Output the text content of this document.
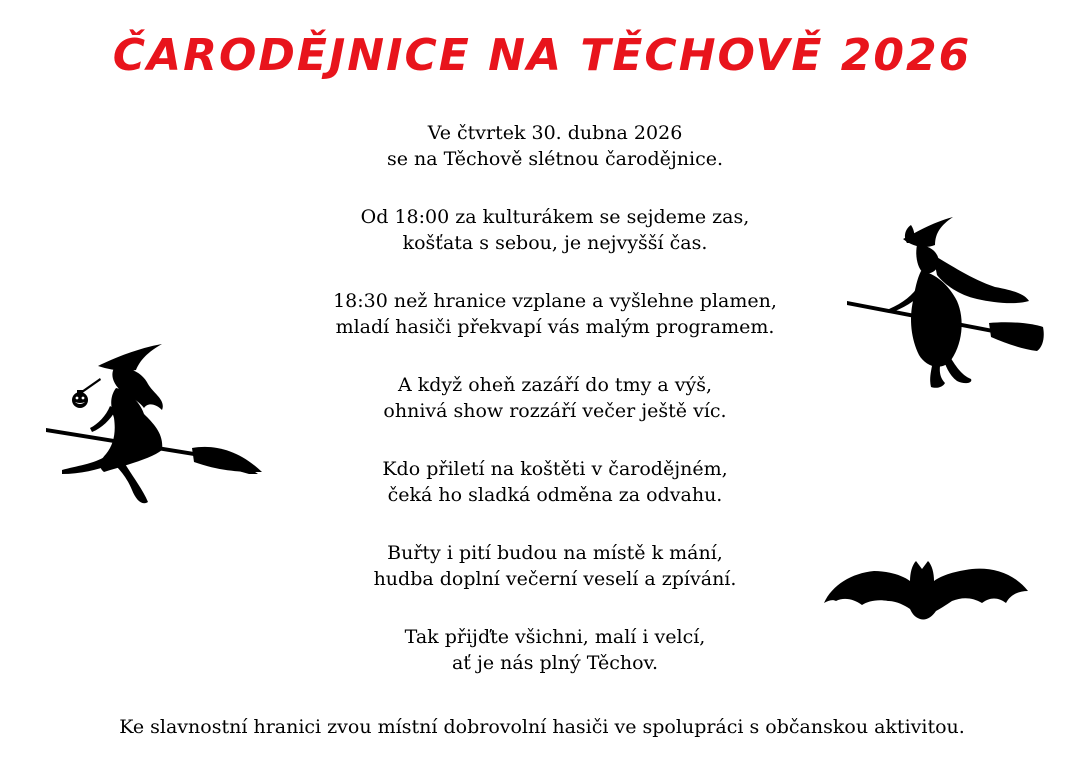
ČARODĚJNICE NA TĚCHOVĚ 2026
Ve čtvrtek 30. dubna 2026
se na Těchově slétnou čarodějnice.
Od 18:00 za kulturákem se sejdeme zas,
košťata s sebou, je nejvyšší čas.
18:30 než hranice vzplane a vyšlehne plamen,
mladí hasiči překvapí vás malým programem.
A když oheň zazáří do tmy a výš,
ohnivá show rozzáří večer ještě víc.
Kdo přiletí na koštěti v čarodějném,
čeká ho sladká odměna za odvahu.
Buřty i pití budou na místě k mání,
hudba doplní večerní veselí a zpívání.
Tak přijďte všichni, malí i velcí,
ať je nás plný Těchov.
Ke slavnostní hranici zvou místní dobrovolní hasiči ve spolupráci s občanskou aktivitou.
